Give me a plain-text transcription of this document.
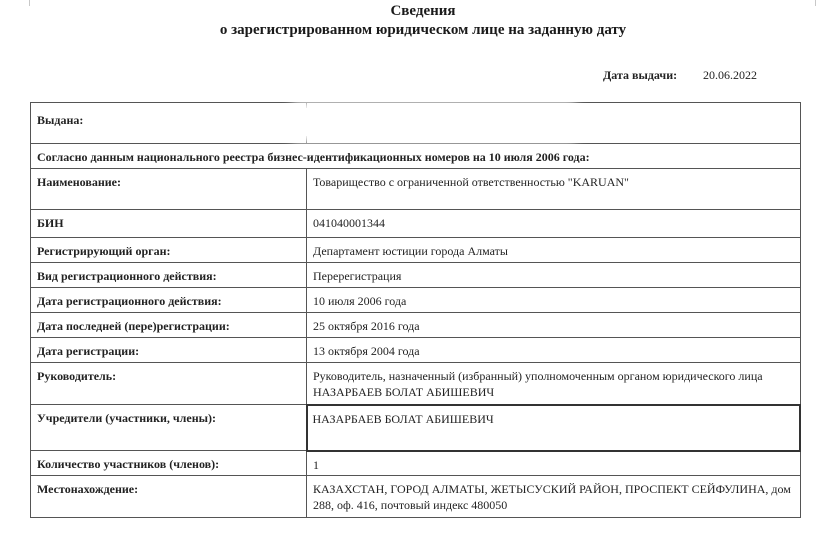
Сведения
о зарегистрированном юридическом лице на заданную дату
Дата выдачи: 20.06.2022
Выдана:	
Согласно данным национального реестра бизнес-идентификационных номеров на 10 июля 2006 года:	
Наименование:	Товарищество с ограниченной ответственностью "KARUAN"
БИН	041040001344
Регистрирующий орган:	Департамент юстиции города Алматы
Вид регистрационного действия:	Перерегистрация
Дата регистрационного действия:	10 июля 2006 года
Дата последней (пере)регистрации:	25 октября 2016 года
Дата регистрации:	13 октября 2004 года
Руководитель:	Руководитель, назначенный (избранный) уполномоченным органом юридического лица НАЗАРБАЕВ БОЛАТ АБИШЕВИЧ
Учредители (участники, члены):	НАЗАРБАЕВ БОЛАТ АБИШЕВИЧ
Количество участников (членов):	1
Местонахождение:	КАЗАХСТАН, ГОРОД АЛМАТЫ, ЖЕТЫСУСКИЙ РАЙОН, ПРОСПЕКТ СЕЙФУЛИНА, дом 288, оф. 416, почтовый индекс 480050
